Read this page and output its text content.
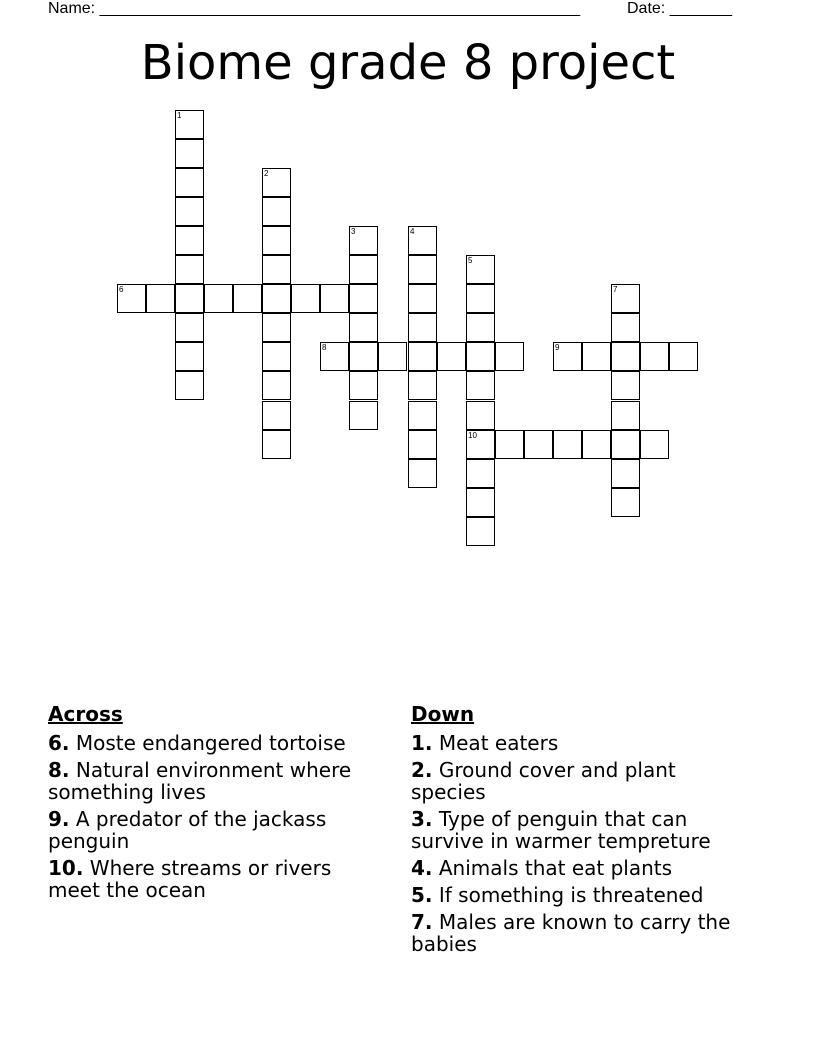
Name: ______________________________________________________	Date: _______
Biome grade 8 project
1
2
3	4
5
10
6	7
8	9
Across
6. Moste endangered tortoise
8. Natural environment where something lives
9. A predator of the jackass penguin
10. Where streams or rivers meet the ocean
Down
1. Meat eaters
2. Ground cover and plant species
3. Type of penguin that can survive in warmer tempreture
4. Animals that eat plants
5. If something is threatened
7. Males are known to carry the babies
